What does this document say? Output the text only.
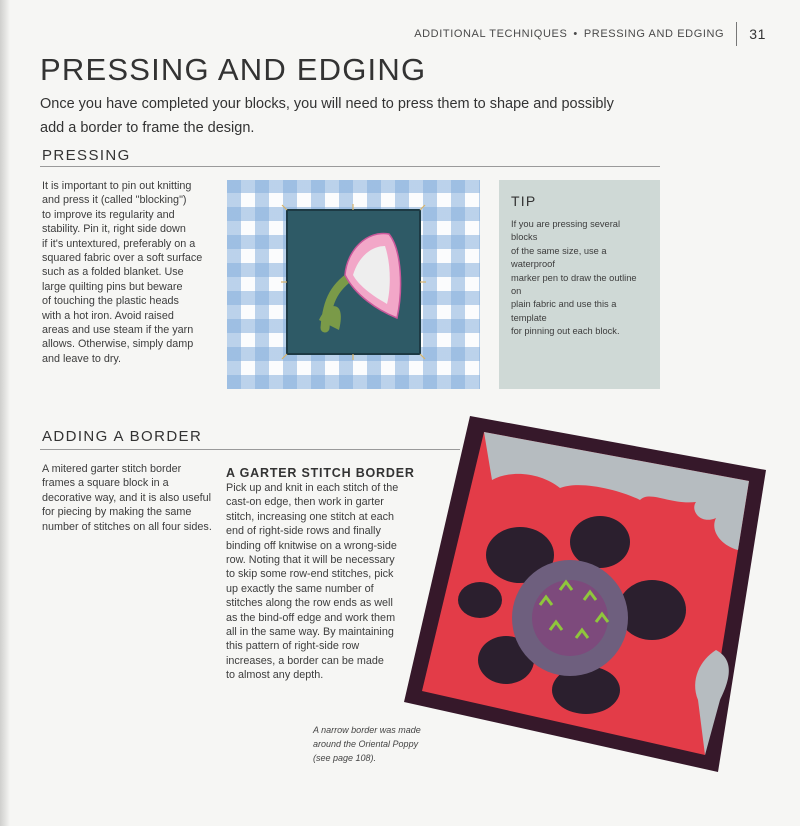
ADDITIONAL TECHNIQUES • PRESSING AND EDGING 31
PRESSING AND EDGING
Once you have completed your blocks, you will need to press them to shape and possibly add a border to frame the design.
PRESSING
It is important to pin out knitting
and press it (called "blocking")
to improve its regularity and
stability. Pin it, right side down
if it's untextured, preferably on a
squared fabric over a soft surface
such as a folded blanket. Use
large quilting pins but beware
of touching the plastic heads
with a hot iron. Avoid raised
areas and use steam if the yarn
allows. Otherwise, simply damp
and leave to dry.
TIP
If you are pressing several blocks
of the same size, use a waterproof
marker pen to draw the outline on
plain fabric and use this a template
for pinning out each block.
ADDING A BORDER
A mitered garter stitch border
frames a square block in a
decorative way, and it is also useful
for piecing by making the same
number of stitches on all four sides.
A GARTER STITCH BORDER
Pick up and knit in each stitch of the
cast-on edge, then work in garter
stitch, increasing one stitch at each
end of right-side rows and finally
binding off knitwise on a wrong-side
row. Noting that it will be necessary
to skip some row-end stitches, pick
up exactly the same number of
stitches along the row ends as well
as the bind-off edge and work them
all in the same way. By maintaining
this pattern of right-side row
increases, a border can be made
to almost any depth.
A narrow border was made
around the Oriental Poppy
(see page 108).
